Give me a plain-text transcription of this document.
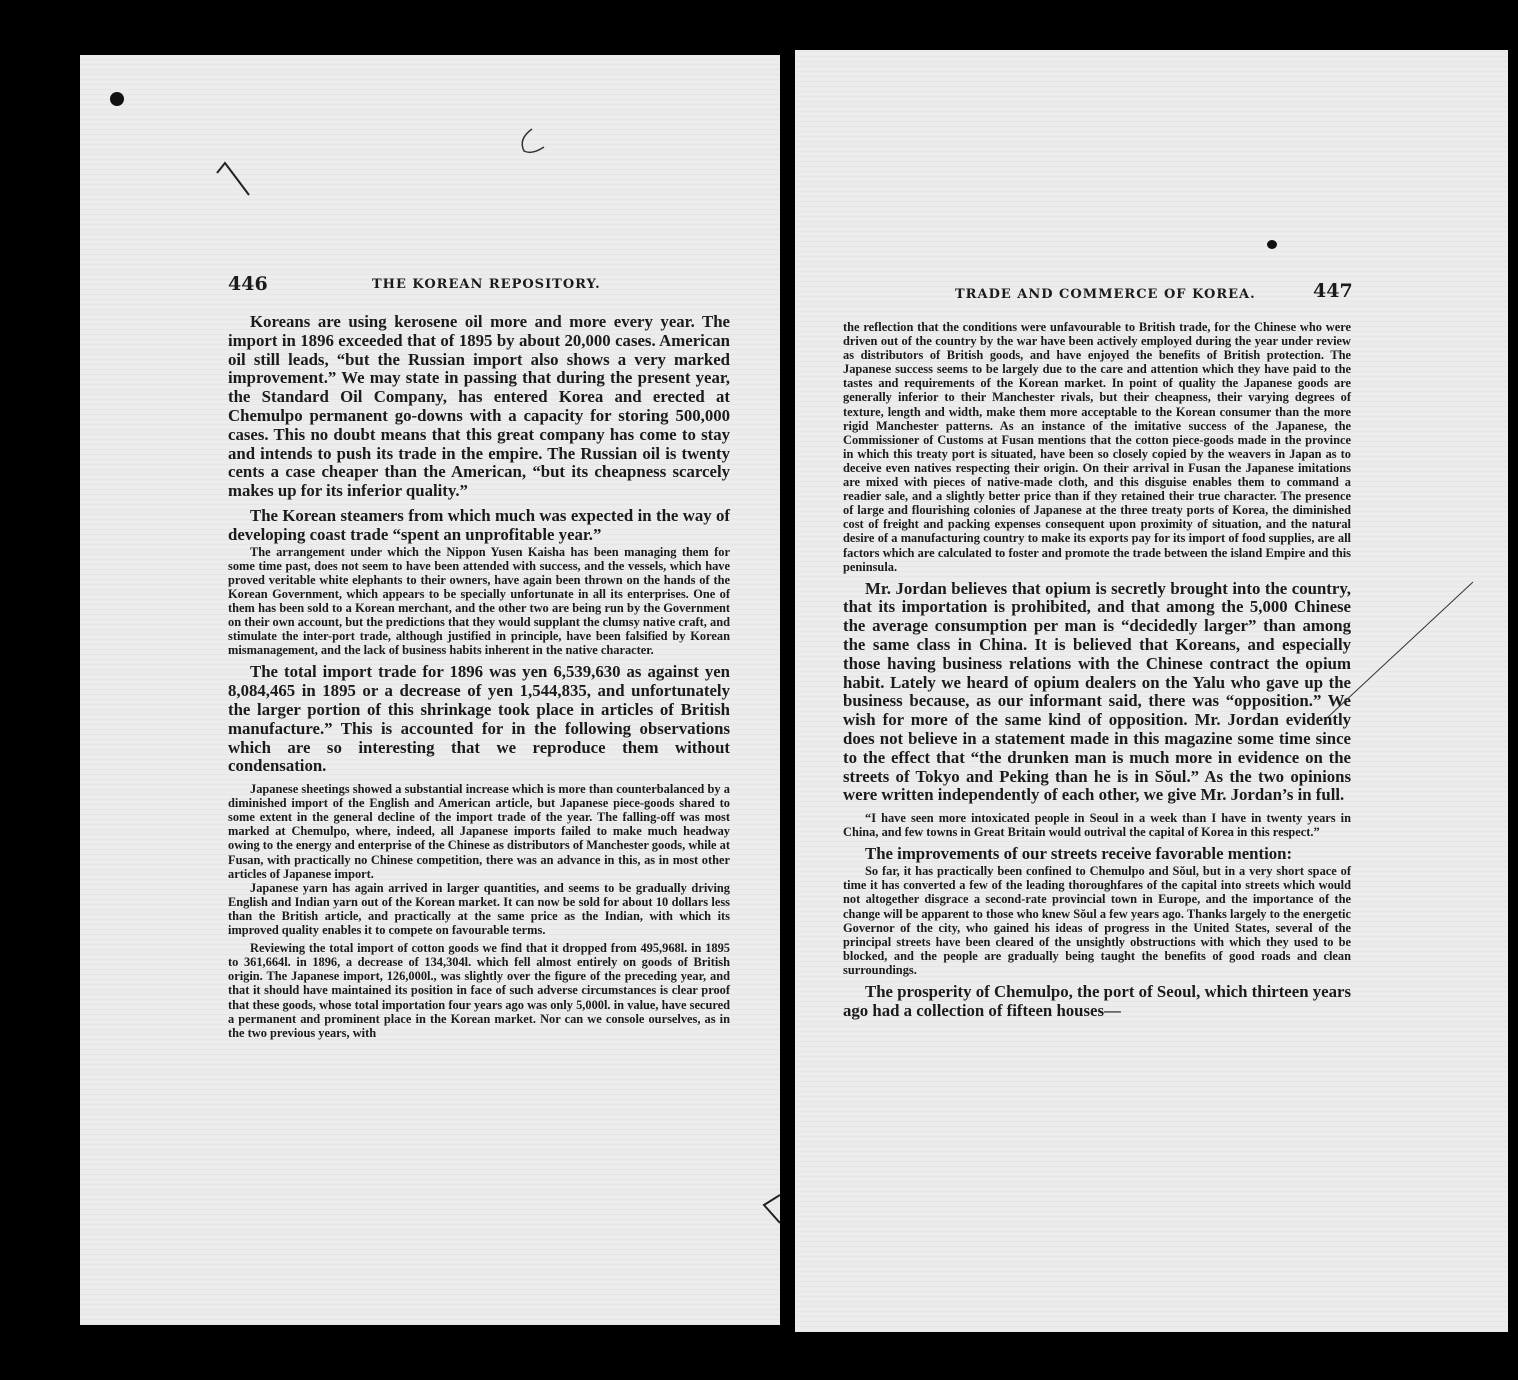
446	THE KOREAN REPOSITORY.

Koreans are using kerosene oil more and more every year. The import in 1896 exceeded that of 1895 by about 20,000 cases. American oil still leads, “but the Russian import also shows a very marked improvement.” We may state in passing that during the present year, the Standard Oil Company, has entered Korea and erected at Chemulpo permanent go-downs with a capacity for storing 500,000 cases. This no doubt means that this great company has come to stay and intends to push its trade in the empire. The Russian oil is twenty cents a case cheaper than the American, “but its cheapness scarcely makes up for its inferior quality.”

The Korean steamers from which much was expected in the way of developing coast trade “spent an unprofitable year.”

The arrangement under which the Nippon Yusen Kaisha has been managing them for some time past, does not seem to have been attended with success, and the vessels, which have proved veritable white elephants to their owners, have again been thrown on the hands of the Korean Government, which appears to be specially unfortunate in all its enterprises. One of them has been sold to a Korean merchant, and the other two are being run by the Government on their own account, but the predictions that they would supplant the clumsy native craft, and stimulate the inter-port trade, although justified in principle, have been falsified by Korean mismanagement, and the lack of business habits inherent in the native character.

The total import trade for 1896 was yen 6,539,630 as against yen 8,084,465 in 1895 or a decrease of yen 1,544,835, and unfortunately the larger portion of this shrinkage took place in articles of British manufacture.” This is accounted for in the following observations which are so interesting that we reproduce them without condensation.

Japanese sheetings showed a substantial increase which is more than counterbalanced by a diminished import of the English and American article, but Japanese piece-goods shared to some extent in the general decline of the import trade of the year. The falling-off was most marked at Chemulpo, where, indeed, all Japanese imports failed to make much headway owing to the energy and enterprise of the Chinese as distributors of Manchester goods, while at Fusan, with practically no Chinese competition, there was an advance in this, as in most other articles of Japanese import.

Japanese yarn has again arrived in larger quantities, and seems to be gradually driving English and Indian yarn out of the Korean market. It can now be sold for about 10 dollars less than the British article, and practically at the same price as the Indian, with which its improved quality enables it to compete on favourable terms.

Reviewing the total import of cotton goods we find that it dropped from 495,968l. in 1895 to 361,664l. in 1896, a decrease of 134,304l. which fell almost entirely on goods of British origin. The Japanese import, 126,000l., was slightly over the figure of the preceding year, and that it should have maintained its position in face of such adverse circumstances is clear proof that these goods, whose total importation four years ago was only 5,000l. in value, have secured a permanent and prominent place in the Korean market. Nor can we console ourselves, as in the two previous years, with

TRADE AND COMMERCE OF KOREA.	447

the reflection that the conditions were unfavourable to British trade, for the Chinese who were driven out of the country by the war have been actively employed during the year under review as distributors of British goods, and have enjoyed the benefits of British protection. The Japanese success seems to be largely due to the care and attention which they have paid to the tastes and requirements of the Korean market. In point of quality the Japanese goods are generally inferior to their Manchester rivals, but their cheapness, their varying degrees of texture, length and width, make them more acceptable to the Korean consumer than the more rigid Manchester patterns. As an instance of the imitative success of the Japanese, the Commissioner of Customs at Fusan mentions that the cotton piece-goods made in the province in which this treaty port is situated, have been so closely copied by the weavers in Japan as to deceive even natives respecting their origin. On their arrival in Fusan the Japanese imitations are mixed with pieces of native-made cloth, and this disguise enables them to command a readier sale, and a slightly better price than if they retained their true character. The presence of large and flourishing colonies of Japanese at the three treaty ports of Korea, the diminished cost of freight and packing expenses consequent upon proximity of situation, and the natural desire of a manufacturing country to make its exports pay for its import of food supplies, are all factors which are calculated to foster and promote the trade between the island Empire and this peninsula.

Mr. Jordan believes that opium is secretly brought into the country, that its importation is prohibited, and that among the 5,000 Chinese the average consumption per man is “decidedly larger” than among the same class in China. It is believed that Koreans, and especially those having business relations with the Chinese contract the opium habit. Lately we heard of opium dealers on the Yalu who gave up the business because, as our informant said, there was “opposition.” We wish for more of the same kind of opposition. Mr. Jordan evidently does not believe in a statement made in this magazine some time since to the effect that “the drunken man is much more in evidence on the streets of Tokyo and Peking than he is in Sŏul.” As the two opinions were written independently of each other, we give Mr. Jordan’s in full.

“I have seen more intoxicated people in Seoul in a week than I have in twenty years in China, and few towns in Great Britain would outrival the capital of Korea in this respect.”

The improvements of our streets receive favorable mention:

So far, it has practically been confined to Chemulpo and Sŏul, but in a very short space of time it has converted a few of the leading thoroughfares of the capital into streets which would not altogether disgrace a second-rate provincial town in Europe, and the importance of the change will be apparent to those who knew Sŏul a few years ago. Thanks largely to the energetic Governor of the city, who gained his ideas of progress in the United States, several of the principal streets have been cleared of the unsightly obstructions with which they used to be blocked, and the people are gradually being taught the benefits of good roads and clean surroundings.

The prosperity of Chemulpo, the port of Seoul, which thirteen years ago had a collection of fifteen houses—
